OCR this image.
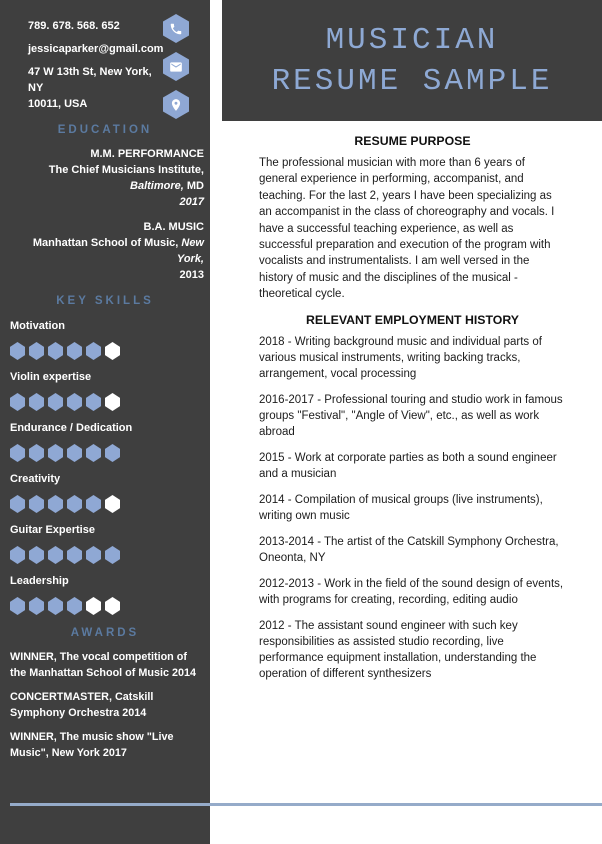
789. 678. 568. 652
jessicaparker@gmail.com
47 W 13th St, New York, NY
10011, USA
EDUCATION
M.M. PERFORMANCE
The Chief Musicians Institute,
Baltimore, MD
2017
B.A. MUSIC
Manhattan School of Music, New York,
2013
KEY SKILLS
Motivation
Violin expertise
Endurance / Dedication
Creativity
Guitar Expertise
Leadership
AWARDS
WINNER, The vocal competition of the Manhattan School of Music 2014
CONCERTMASTER, Catskill Symphony Orchestra 2014
WINNER, The music show "Live Music", New York 2017
MUSICIAN
RESUME SAMPLE
RESUME PURPOSE

The professional musician with more than 6 years of general experience in performing, accompanist, and teaching. For the last 2, years I have been specializing as an accompanist in the class of choreography and vocals. I have a successful teaching experience, as well as successful preparation and execution of the program with vocalists and instrumentalists. I am well versed in the history of music and the disciplines of the musical - theoretical cycle.

RELEVANT EMPLOYMENT HISTORY

2018 - Writing background music and individual parts of various musical instruments, writing backing tracks, arrangement, vocal processing

2016-2017 - Professional touring and studio work in famous groups "Festival", "Angle of View", etc., as well as work abroad

2015 - Work at corporate parties as both a sound engineer and a musician

2014 - Compilation of musical groups (live instruments), writing own music

2013-2014 - The artist of the Catskill Symphony Orchestra, Oneonta, NY

2012-2013 - Work in the field of the sound design of events, with programs for creating, recording, editing audio

2012 - The assistant sound engineer with such key responsibilities as assisted studio recording, live performance equipment installation, understanding the operation of different synthesizers
